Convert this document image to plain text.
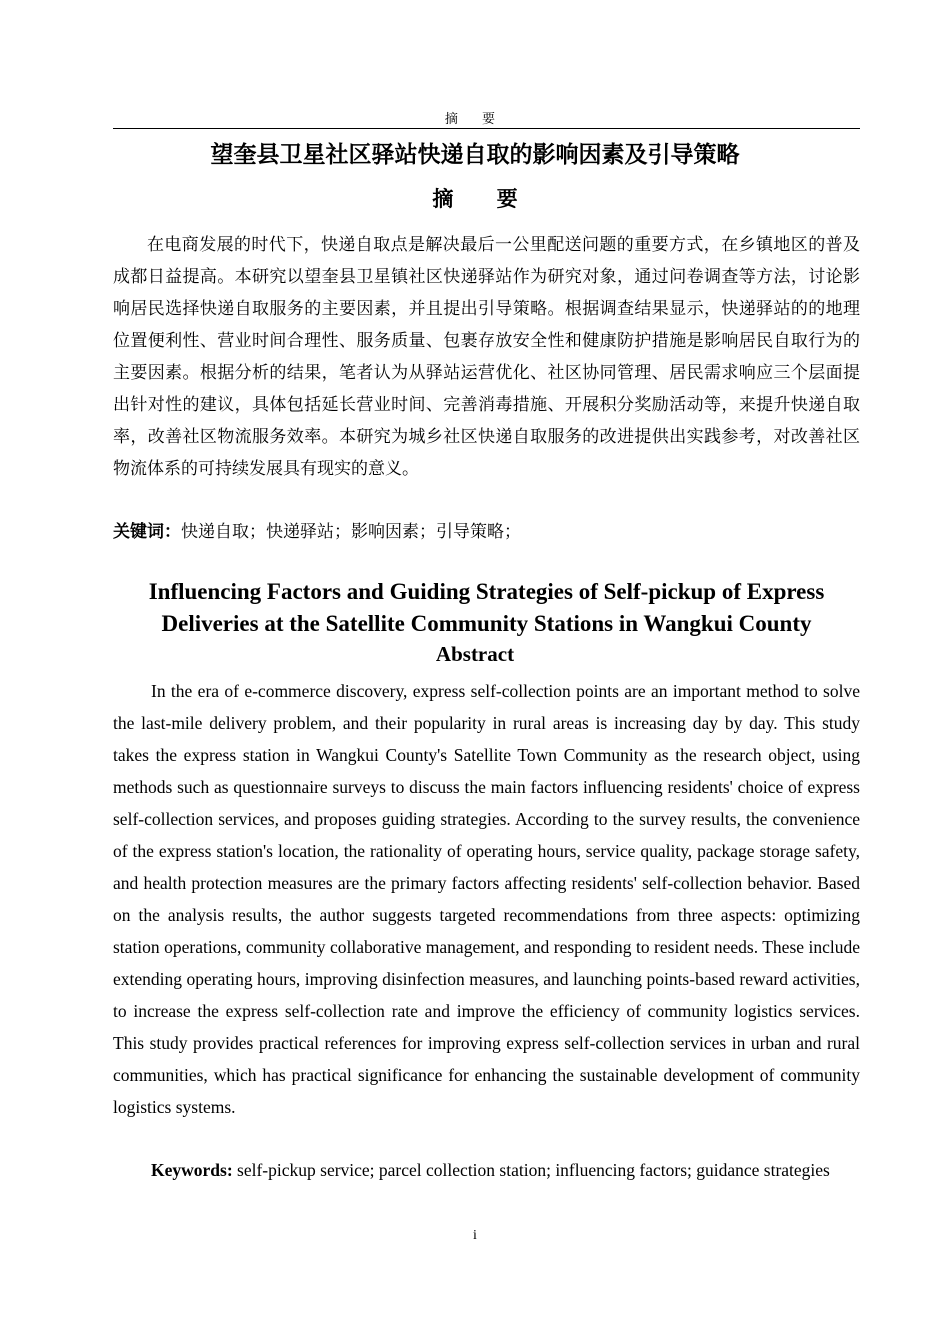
摘 要
望奎县卫星社区驿站快递自取的影响因素及引导策略
摘 要
在电商发展的时代下，快递自取点是解决最后一公里配送问题的重要方式，在乡镇地区的普及成都日益提高。本研究以望奎县卫星镇社区快递驿站作为研究对象，通过问卷调查等方法，讨论影响居民选择快递自取服务的主要因素，并且提出引导策略。根据调查结果显示，快递驿站的的地理位置便利性、营业时间合理性、服务质量、包裹存放安全性和健康防护措施是影响居民自取行为的主要因素。根据分析的结果，笔者认为从驿站运营优化、社区协同管理、居民需求响应三个层面提出针对性的建议，具体包括延长营业时间、完善消毒措施、开展积分奖励活动等，来提升快递自取率，改善社区物流服务效率。本研究为城乡社区快递自取服务的改进提供出实践参考，对改善社区物流体系的可持续发展具有现实的意义。
关键词：快递自取；快递驿站；影响因素；引导策略；
Influencing Factors and Guiding Strategies of Self-pickup of Express Deliveries at the Satellite Community Stations in Wangkui County
Abstract
In the era of e-commerce discovery, express self-collection points are an important method to solve the last-mile delivery problem, and their popularity in rural areas is increasing day by day. This study takes the express station in Wangkui County's Satellite Town Community as the research object, using methods such as questionnaire surveys to discuss the main factors influencing residents' choice of express self-collection services, and proposes guiding strategies. According to the survey results, the convenience of the express station's location, the rationality of operating hours, service quality, package storage safety, and health protection measures are the primary factors affecting residents' self-collection behavior. Based on the analysis results, the author suggests targeted recommendations from three aspects: optimizing station operations, community collaborative management, and responding to resident needs. These include extending operating hours, improving disinfection measures, and launching points-based reward activities, to increase the express self-collection rate and improve the efficiency of community logistics services. This study provides practical references for improving express self-collection services in urban and rural communities, which has practical significance for enhancing the sustainable development of community logistics systems.
Keywords: self-pickup service; parcel collection station; influencing factors; guidance strategies
i
